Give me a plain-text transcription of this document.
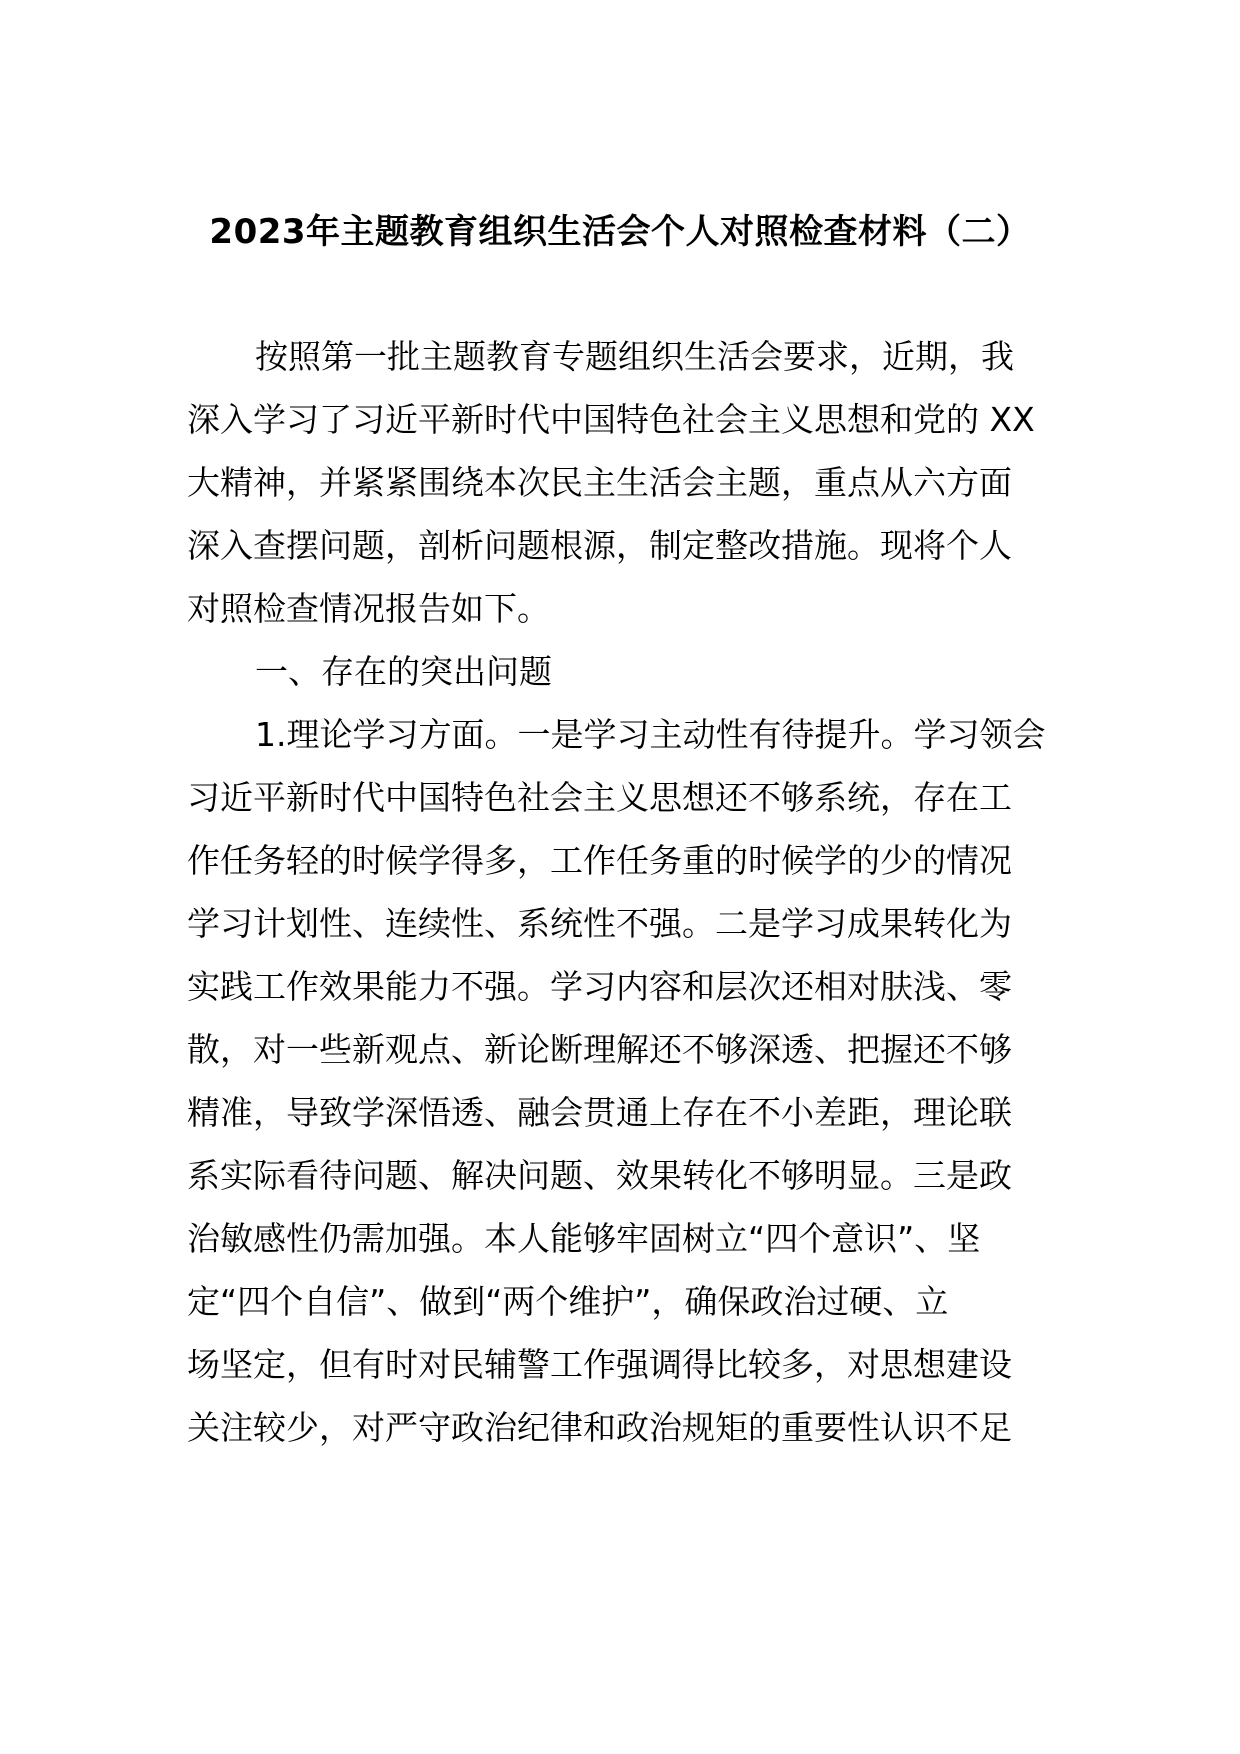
2023年主题教育组织生活会个人对照检查材料（二）
按照第一批主题教育专题组织生活会要求，近期，我
深入学习了习近平新时代中国特色社会主义思想和党的 XX
大精神，并紧紧围绕本次民主生活会主题，重点从六方面
深入查摆问题，剖析问题根源，制定整改措施。现将个人
对照检查情况报告如下。
一、存在的突出问题
1.理论学习方面。一是学习主动性有待提升。学习领会
习近平新时代中国特色社会主义思想还不够系统，存在工
作任务轻的时候学得多，工作任务重的时候学的少的情况
学习计划性、连续性、系统性不强。二是学习成果转化为
实践工作效果能力不强。学习内容和层次还相对肤浅、零
散，对一些新观点、新论断理解还不够深透、把握还不够
精准，导致学深悟透、融会贯通上存在不小差距，理论联
系实际看待问题、解决问题、效果转化不够明显。三是政
治敏感性仍需加强。本人能够牢固树立“四个意识”、坚
定“四个自信”、做到“两个维护”，确保政治过硬、立
场坚定，但有时对民辅警工作强调得比较多，对思想建设
关注较少，对严守政治纪律和政治规矩的重要性认识不足
